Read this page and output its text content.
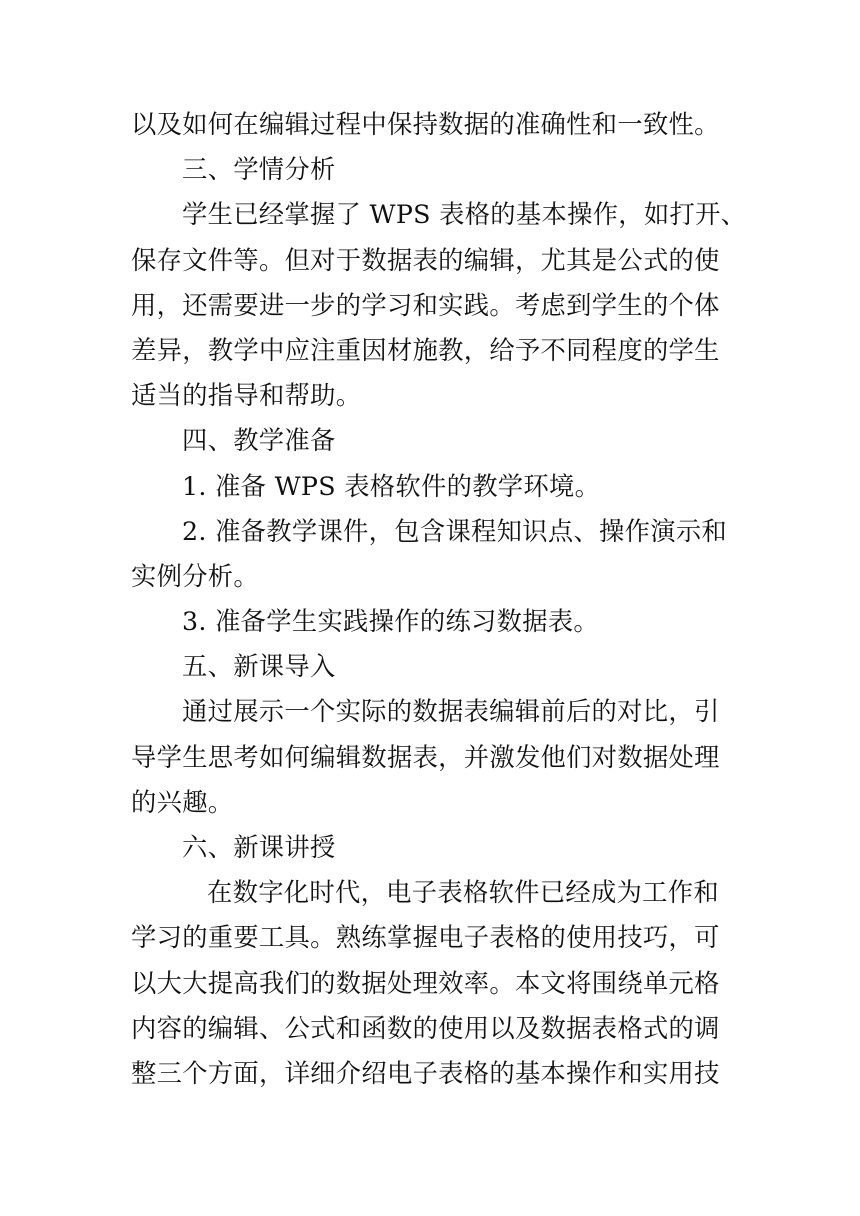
以及如何在编辑过程中保持数据的准确性和一致性。
三、学情分析
学生已经掌握了 WPS 表格的基本操作，如打开、
保存文件等。但对于数据表的编辑，尤其是公式的使
用，还需要进一步的学习和实践。考虑到学生的个体
差异，教学中应注重因材施教，给予不同程度的学生
适当的指导和帮助。
四、教学准备
1. 准备 WPS 表格软件的教学环境。
2. 准备教学课件，包含课程知识点、操作演示和
实例分析。
3. 准备学生实践操作的练习数据表。
五、新课导入
通过展示一个实际的数据表编辑前后的对比，引
导学生思考如何编辑数据表，并激发他们对数据处理
的兴趣。
六、新课讲授
在数字化时代，电子表格软件已经成为工作和
学习的重要工具。熟练掌握电子表格的使用技巧，可
以大大提高我们的数据处理效率。本文将围绕单元格
内容的编辑、公式和函数的使用以及数据表格式的调
整三个方面，详细介绍电子表格的基本操作和实用技
